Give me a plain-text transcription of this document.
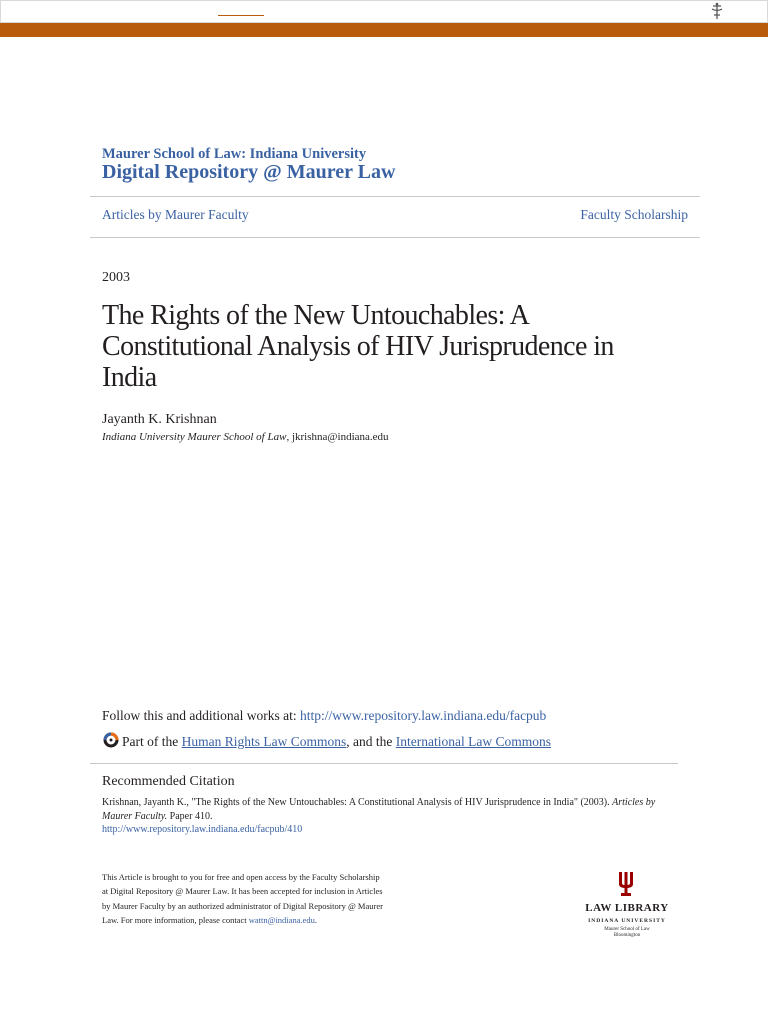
Maurer School of Law: Indiana University
Digital Repository @ Maurer Law
Articles by Maurer Faculty	Faculty Scholarship
2003
The Rights of the New Untouchables: A Constitutional Analysis of HIV Jurisprudence in India
Jayanth K. Krishnan
Indiana University Maurer School of Law, jkrishna@indiana.edu
Follow this and additional works at: http://www.repository.law.indiana.edu/facpub
Part of the Human Rights Law Commons, and the International Law Commons
Recommended Citation
Krishnan, Jayanth K., "The Rights of the New Untouchables: A Constitutional Analysis of HIV Jurisprudence in India" (2003). Articles by Maurer Faculty. Paper 410.
http://www.repository.law.indiana.edu/facpub/410
This Article is brought to you for free and open access by the Faculty Scholarship at Digital Repository @ Maurer Law. It has been accepted for inclusion in Articles by Maurer Faculty by an authorized administrator of Digital Repository @ Maurer Law. For more information, please contact wattn@indiana.edu.
LAW LIBRARY
INDIANA UNIVERSITY
Maurer School of Law
Bloomington
